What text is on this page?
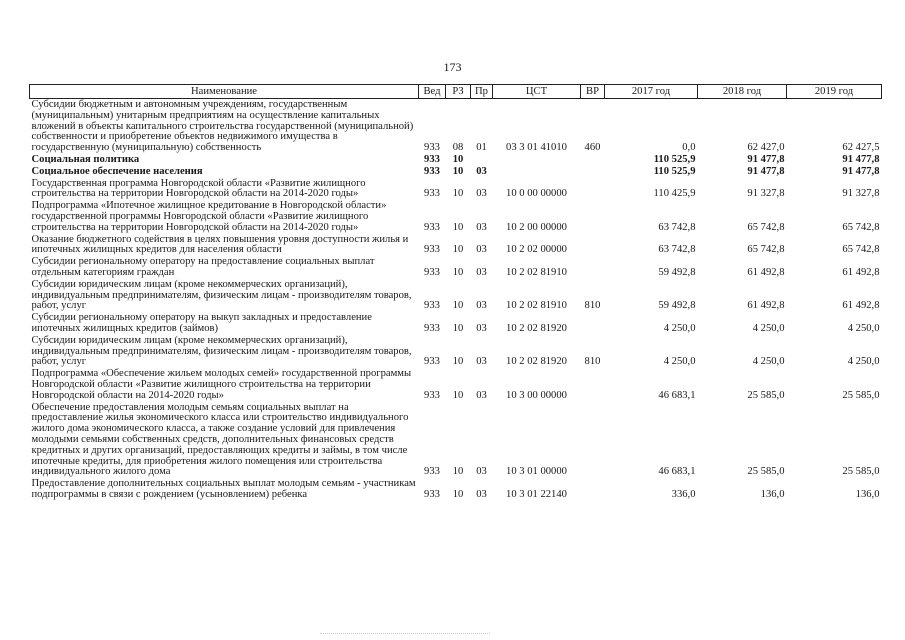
173
Наименование	Вед	РЗ	Пр	ЦСТ	ВР	2017 год	2018 год	2019 год
Субсидии бюджетным и автономным учреждениям, государственным (муниципальным) унитарным предприятиям на осуществление капитальных вложений в объекты капитального строительства государственной (муниципальной) собственности и приобретение объектов недвижимого имущества в государственную (муниципальную) собственность	933	08	01	03 3 01 41010	460	0,0	62 427,0	62 427,5
Социальная политика	933	10				110 525,9	91 477,8	91 477,8
Социальное обеспечение населения	933	10	03			110 525,9	91 477,8	91 477,8
Государственная программа Новгородской области «Развитие жилищного строительства на территории Новгородской области на 2014-2020 годы»	933	10	03	10 0 00 00000		110 425,9	91 327,8	91 327,8
Подпрограмма «Ипотечное жилищное кредитование в Новгородской области» государственной программы Новгородской области «Развитие жилищного строительства на территории Новгородской области на 2014-2020 годы»	933	10	03	10 2 00 00000		63 742,8	65 742,8	65 742,8
Оказание бюджетного содействия в целях повышения уровня доступности жилья и ипотечных жилищных кредитов для населения области	933	10	03	10 2 02 00000		63 742,8	65 742,8	65 742,8
Субсидии региональному оператору на предоставление социальных выплат отдельным категориям граждан	933	10	03	10 2 02 81910		59 492,8	61 492,8	61 492,8
Субсидии юридическим лицам (кроме некоммерческих организаций), индивидуальным предпринимателям, физическим лицам - производителям товаров, работ, услуг	933	10	03	10 2 02 81910	810	59 492,8	61 492,8	61 492,8
Субсидии региональному оператору на выкуп закладных и предоставление ипотечных жилищных кредитов (займов)	933	10	03	10 2 02 81920		4 250,0	4 250,0	4 250,0
Субсидии юридическим лицам (кроме некоммерческих организаций), индивидуальным предпринимателям, физическим лицам - производителям товаров, работ, услуг	933	10	03	10 2 02 81920	810	4 250,0	4 250,0	4 250,0
Подпрограмма «Обеспечение жильем молодых семей» государственной программы Новгородской области «Развитие жилищного строительства на территории Новгородской области на 2014-2020 годы»	933	10	03	10 3 00 00000		46 683,1	25 585,0	25 585,0
Обеспечение предоставления молодым семьям социальных выплат на предоставление жилья экономического класса или строительство индивидуального жилого дома экономического класса, а также создание условий для привлечения молодыми семьями собственных средств, дополнительных финансовых средств кредитных и других организаций, предоставляющих кредиты и займы, в том числе ипотечные кредиты, для приобретения жилого помещения или строительства индивидуального жилого дома	933	10	03	10 3 01 00000		46 683,1	25 585,0	25 585,0
Предоставление дополнительных социальных выплат молодым семьям - участникам подпрограммы в связи с рождением (усыновлением) ребенка	933	10	03	10 3 01 22140		336,0	136,0	136,0
